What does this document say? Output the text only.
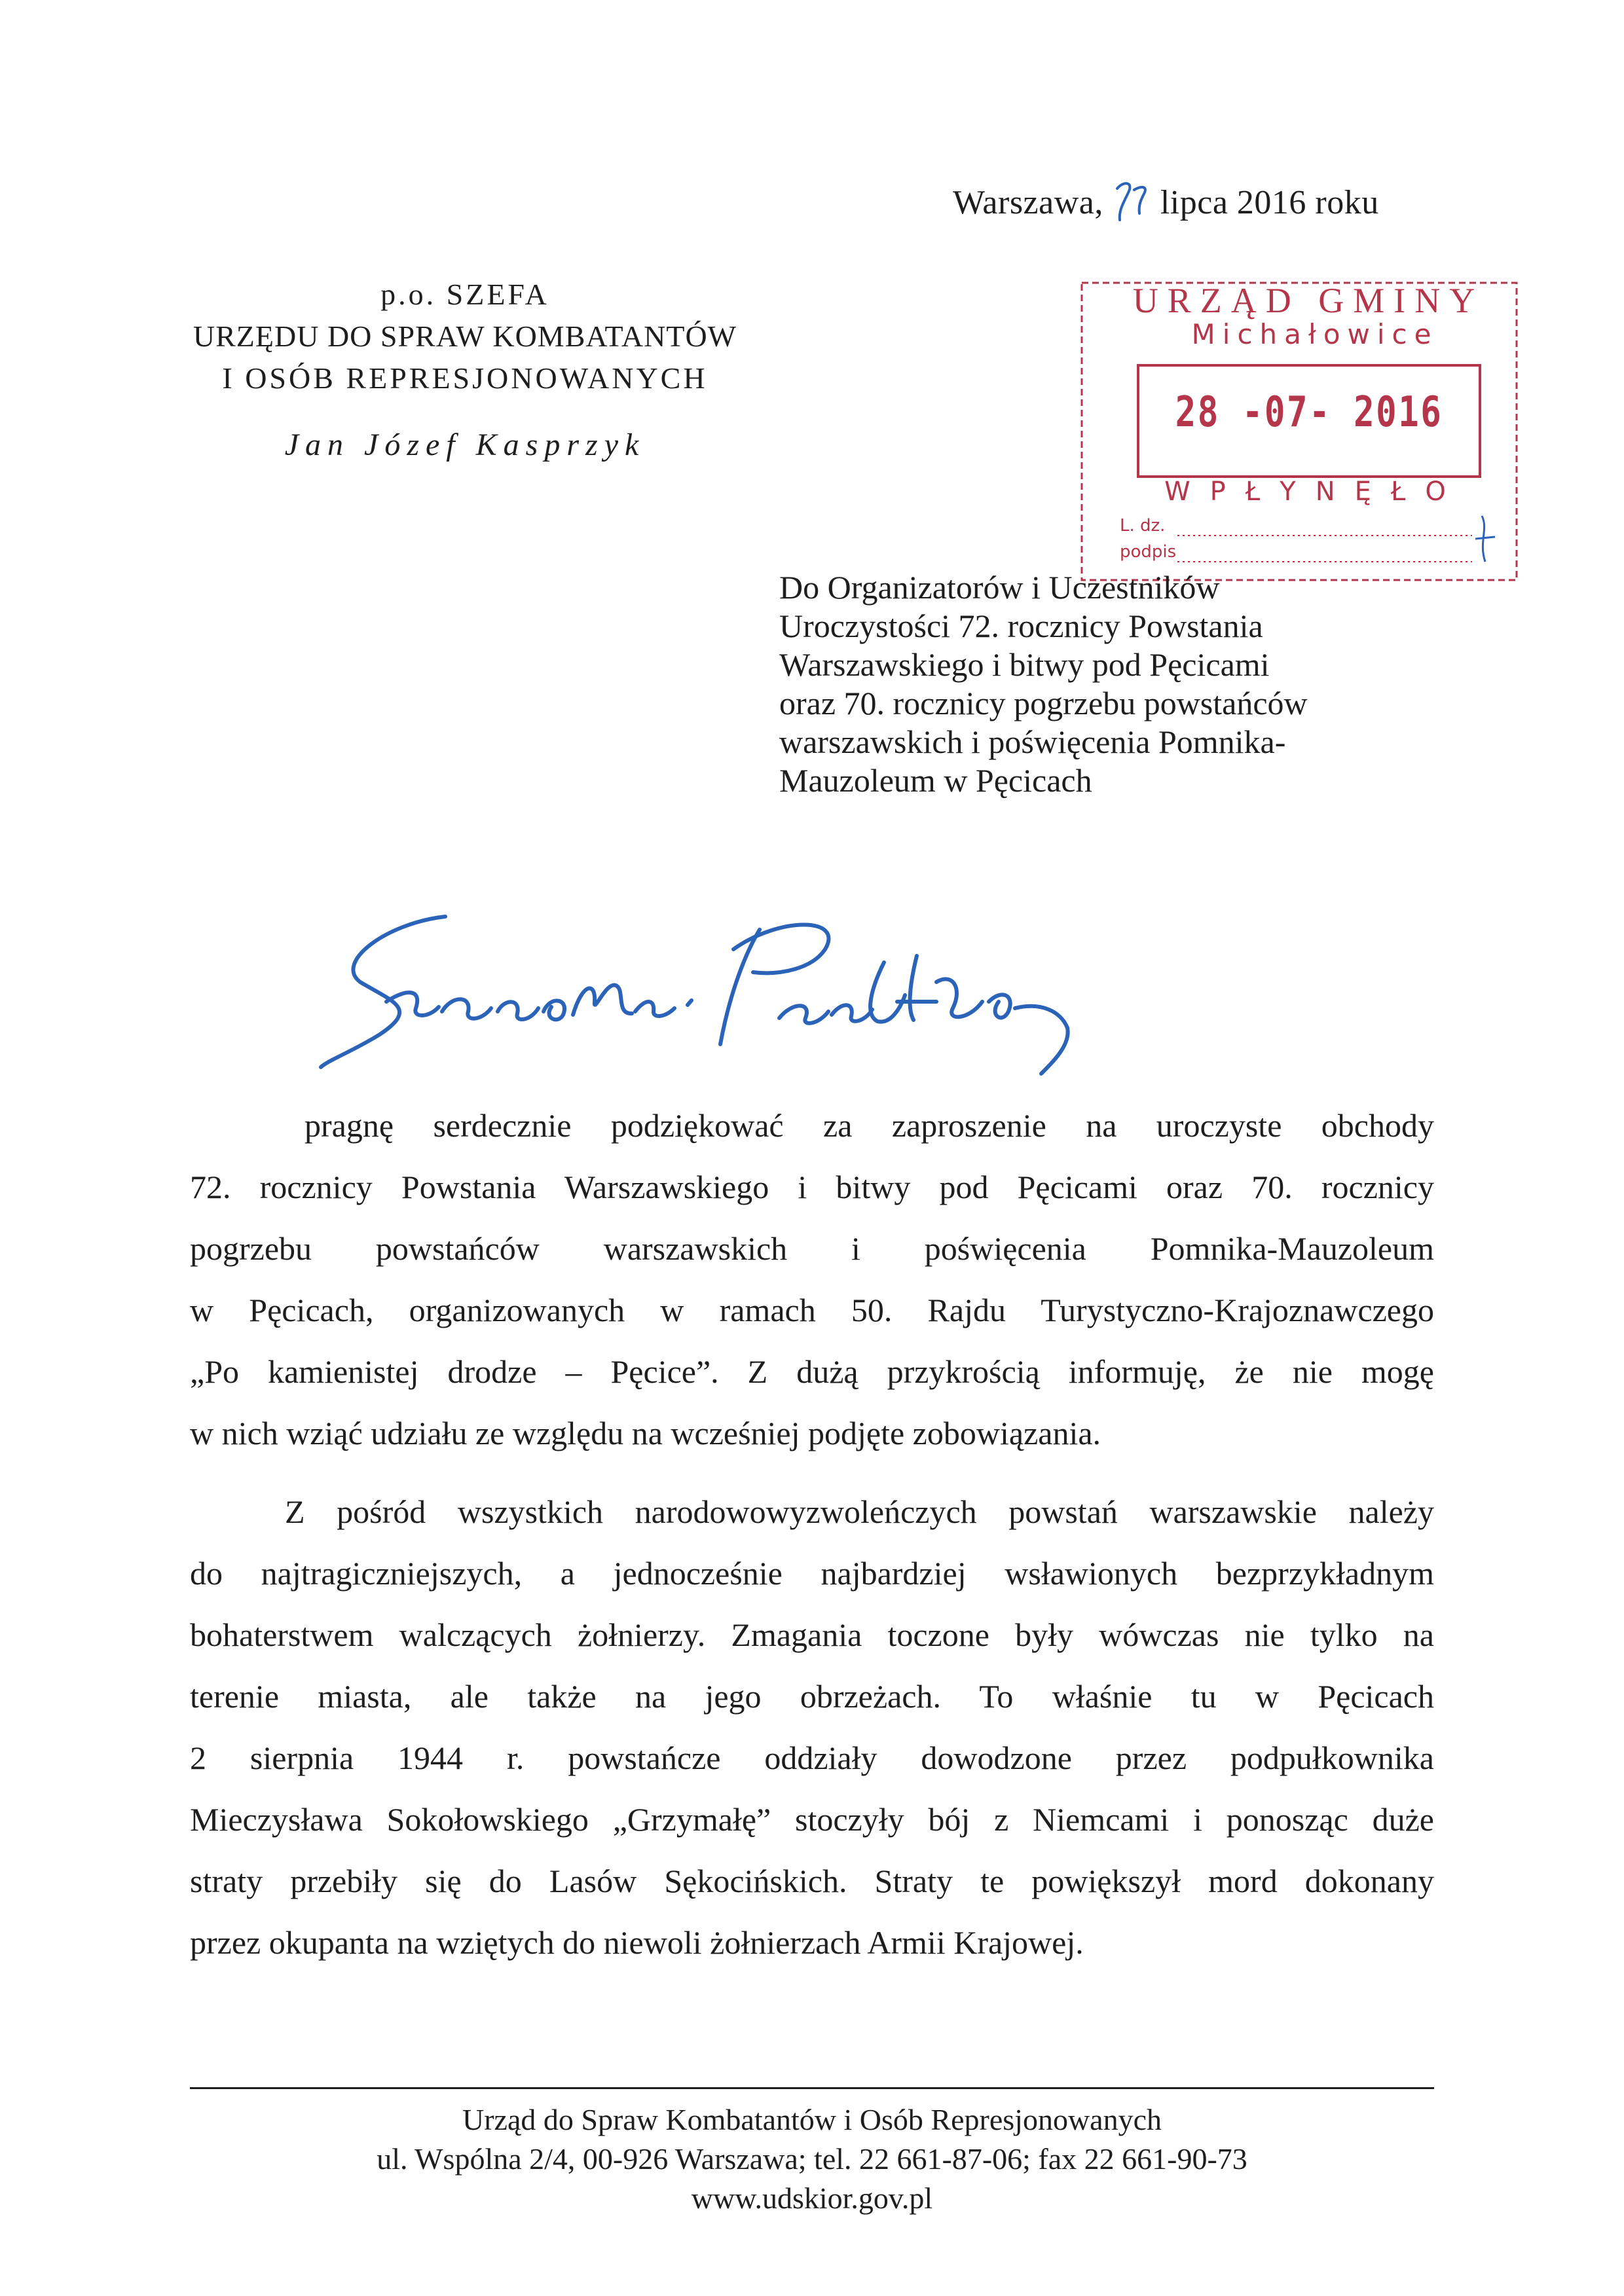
Warszawa, lipca 2016 roku
p.o. SZEFA
URZĘDU DO SPRAW KOMBATANTÓW
I OSÓB REPRESJONOWANYCH
Jan Józef Kasprzyk
URZĄD GMINY
Michałowice
28 -07- 2016
WPŁYNĘŁO
L. dz.
podpis
Do Organizatorów i Uczestników
Uroczystości 72. rocznicy Powstania
Warszawskiego i bitwy pod Pęcicami
oraz 70. rocznicy pogrzebu powstańców
warszawskich i poświęcenia Pomnika-
Mauzoleum w Pęcicach
pragnę serdecznie podziękować za zaproszenie na uroczyste obchody
72. rocznicy Powstania Warszawskiego i bitwy pod Pęcicami oraz 70. rocznicy
pogrzebu powstańców warszawskich i poświęcenia Pomnika-Mauzoleum
w Pęcicach, organizowanych w ramach 50. Rajdu Turystyczno-Krajoznawczego
„Po kamienistej drodze – Pęcice”. Z dużą przykrością informuję, że nie mogę
w nich wziąć udziału ze względu na wcześniej podjęte zobowiązania.
Z pośród wszystkich narodowowyzwoleńczych powstań warszawskie należy
do najtragiczniejszych, a jednocześnie najbardziej wsławionych bezprzykładnym
bohaterstwem walczących żołnierzy. Zmagania toczone były wówczas nie tylko na
terenie miasta, ale także na jego obrzeżach. To właśnie tu w Pęcicach
2 sierpnia 1944 r. powstańcze oddziały dowodzone przez podpułkownika
Mieczysława Sokołowskiego „Grzymałę” stoczyły bój z Niemcami i ponosząc duże
straty przebiły się do Lasów Sękocińskich. Straty te powiększył mord dokonany
przez okupanta na wziętych do niewoli żołnierzach Armii Krajowej.
Urząd do Spraw Kombatantów i Osób Represjonowanych
ul. Wspólna 2/4, 00-926 Warszawa; tel. 22 661-87-06; fax 22 661-90-73
www.udskior.gov.pl
